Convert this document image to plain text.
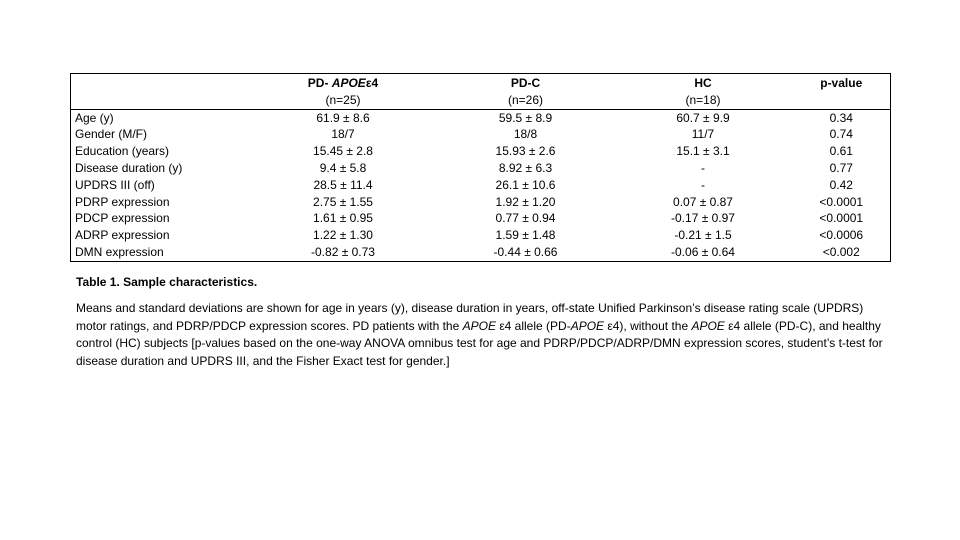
	PD- APOEε4	PD-C	HC	p-value
	(n=25)	(n=26)	(n=18)	
Age (y)	61.9 ± 8.6	59.5 ± 8.9	60.7 ± 9.9	0.34
Gender (M/F)	18/7	18/8	11/7	0.74
Education (years)	15.45 ± 2.8	15.93 ± 2.6	15.1 ± 3.1	0.61
Disease duration (y)	9.4 ± 5.8	8.92 ± 6.3	-	0.77
UPDRS III (off)	28.5 ± 11.4	26.1 ± 10.6	-	0.42
PDRP expression	2.75 ± 1.55	1.92 ± 1.20	0.07 ± 0.87	<0.0001
PDCP expression	1.61 ± 0.95	0.77 ± 0.94	-0.17 ± 0.97	<0.0001
ADRP expression	1.22 ± 1.30	1.59 ± 1.48	-0.21 ± 1.5	<0.0006
DMN expression	-0.82 ± 0.73	-0.44 ± 0.66	-0.06 ± 0.64	<0.002

Table 1. Sample characteristics.

Means and standard deviations are shown for age in years (y), disease duration in years, off-state Unified Parkinson’s disease rating scale (UPDRS) motor ratings, and PDRP/PDCP expression scores. PD patients with the APOE ε4 allele (PD-APOE ε4), without the APOE ε4 allele (PD-C), and healthy control (HC) subjects [p-values based on the one-way ANOVA omnibus test for age and PDRP/PDCP/ADRP/DMN expression scores, student’s t-test for disease duration and UPDRS III, and the Fisher Exact test for gender.]
